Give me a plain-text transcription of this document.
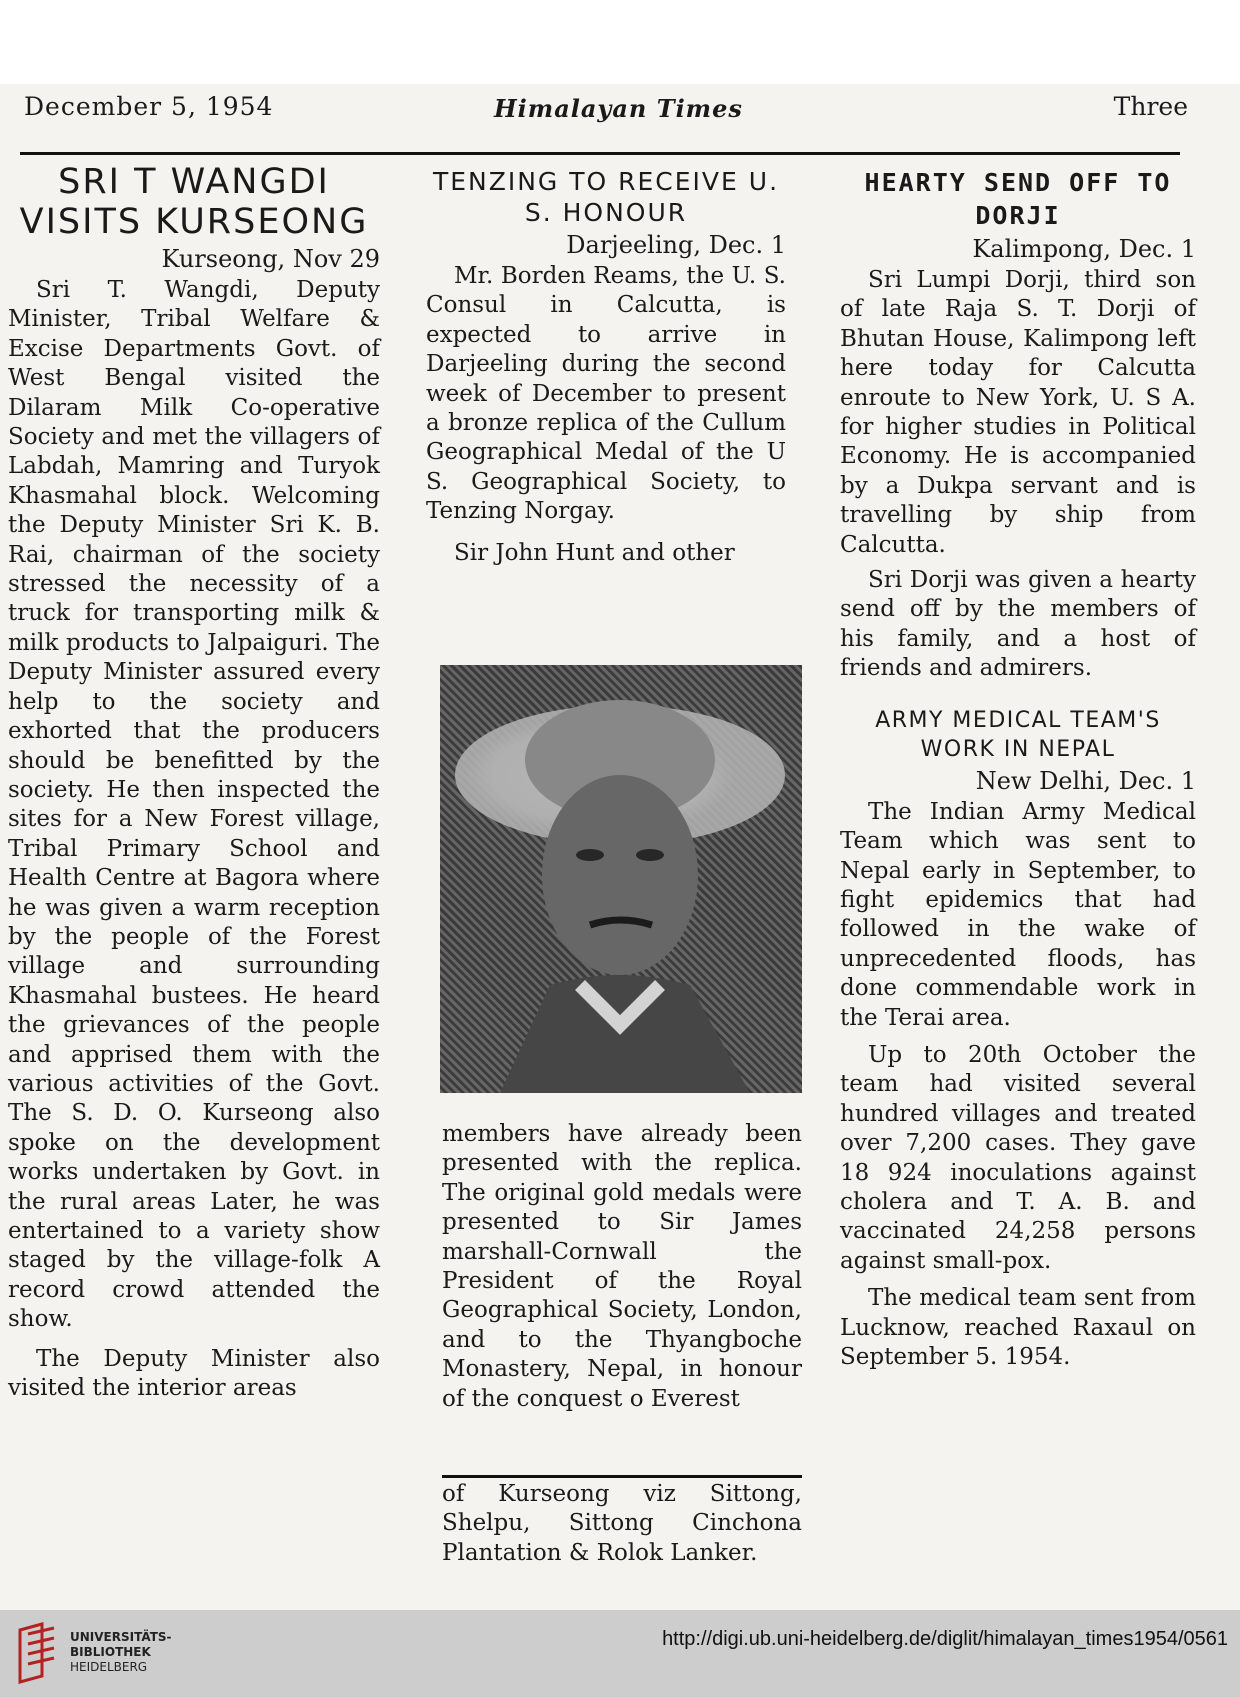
December 5, 1954	Himalayan Times	Three
SRI T WANGDI VISITS KURSEONG
Kurseong, Nov 29

Sri T. Wangdi, Deputy Minister, Tribal Welfare & Excise Departments Govt. of West Bengal visited the Dilaram Milk Co-operative Society and met the villagers of Labdah, Mamring and Turyok Khasmahal block. Welcoming the Deputy Minister Sri K. B. Rai, chairman of the society stressed the necessity of a truck for transporting milk & milk products to Jalpaiguri. The Deputy Minister assured every help to the society and exhorted that the producers should be benefitted by the society. He then inspected the sites for a New Forest village, Tribal Primary School and Health Centre at Bagora where he was given a warm reception by the people of the Forest village and surrounding Khasmahal bustees. He heard the grievances of the people and apprised them with the various activities of the Govt. The S. D. O. Kurseong also spoke on the development works undertaken by Govt. in the rural areas Later, he was entertained to a variety show staged by the village-folk A record crowd attended the show.

The Deputy Minister also visited the interior areas

TENZING TO RECEIVE U. S. HONOUR
Darjeeling, Dec. 1

Mr. Borden Reams, the U. S. Consul in Calcutta, is expected to arrive in Darjeeling during the second week of December to present a bronze replica of the Cullum Geographical Medal of the U S. Geographical Society, to Tenzing Norgay.

Sir John Hunt and other

members have already been presented with the replica. The original gold medals were presented to Sir James marshall-Cornwall the President of the Royal Geographical Society, London, and to the Thyangboche Monastery, Nepal, in honour of the conquest o Everest

of Kurseong viz Sittong, Shelpu, Sittong Cinchona Plantation & Rolok Lanker.

HEARTY SEND OFF TO DORJI
Kalimpong, Dec. 1

Sri Lumpi Dorji, third son of late Raja S. T. Dorji of Bhutan House, Kalimpong left here today for Calcutta enroute to New York, U. S A. for higher studies in Political Economy. He is accompanied by a Dukpa servant and is travelling by ship from Calcutta.

Sri Dorji was given a hearty send off by the members of his family, and a host of friends and admirers.

ARMY MEDICAL TEAM'S WORK IN NEPAL
New Delhi, Dec. 1

The Indian Army Medical Team which was sent to Nepal early in September, to fight epidemics that had followed in the wake of unprecedented floods, has done commendable work in the Terai area.

Up to 20th October the team had visited several hundred villages and treated over 7,200 cases. They gave 18 924 inoculations against cholera and T. A. B. and vaccinated 24,258 persons against small-pox.

The medical team sent from Lucknow, reached Raxaul on September 5. 1954.

UNIVERSITÄTS-
BIBLIOTHEK
HEIDELBERG
http://digi.ub.uni-heidelberg.de/diglit/himalayan_times1954/0561
